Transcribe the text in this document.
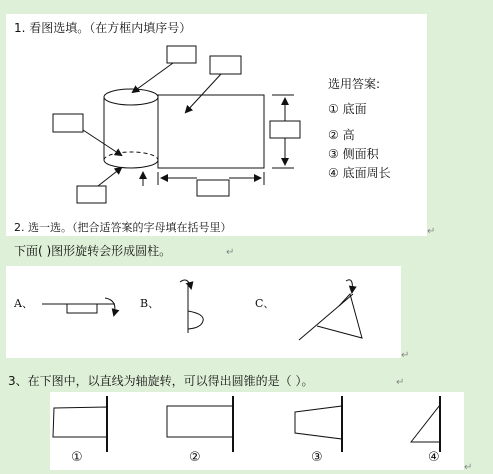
1. 看图选填。（在方框内填序号）
选用答案:
① 底面
② 高
③ 侧面积
④ 底面周长
2. 选一选。（把合适答案的字母填在括号里）	↵
下面( )图形旋转会形成圆柱。	↵
A、	B、	C、
↵
3、在下图中，以直线为轴旋转，可以得出圆锥的是（ ）。	↵
①	②	③	④
↵
